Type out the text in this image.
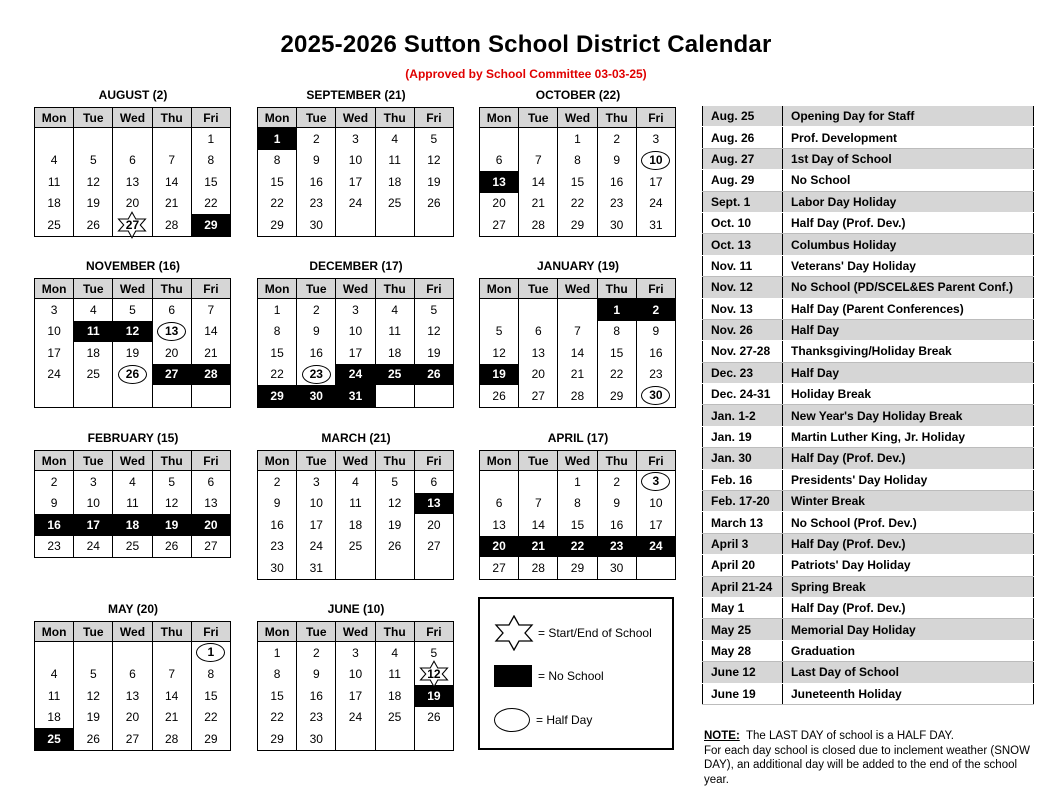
2025-2026 Sutton School District Calendar
(Approved by School Committee 03-03-25)
AUGUST (2)
Mon	Tue	Wed	Thu	Fri
				1
4	5	6	7	8
11	12	13	14	15
18	19	20	21	22
25	26	27	28	29
SEPTEMBER (21)
Mon	Tue	Wed	Thu	Fri
1	2	3	4	5
8	9	10	11	12
15	16	17	18	19
22	23	24	25	26
29	30			
OCTOBER (22)
Mon	Tue	Wed	Thu	Fri
		1	2	3
6	7	8	9	10
13	14	15	16	17
20	21	22	23	24
27	28	29	30	31
NOVEMBER (16)
Mon	Tue	Wed	Thu	Fri
3	4	5	6	7
10	11	12	13	14
17	18	19	20	21
24	25	26	27	28

DECEMBER (17)
Mon	Tue	Wed	Thu	Fri
1	2	3	4	5
8	9	10	11	12
15	16	17	18	19
22	23	24	25	26
29	30	31		
JANUARY (19)
Mon	Tue	Wed	Thu	Fri
			1	2
5	6	7	8	9
12	13	14	15	16
19	20	21	22	23
26	27	28	29	30
FEBRUARY (15)
Mon	Tue	Wed	Thu	Fri
2	3	4	5	6
9	10	11	12	13
16	17	18	19	20
23	24	25	26	27
MARCH (21)
Mon	Tue	Wed	Thu	Fri
2	3	4	5	6
9	10	11	12	13
16	17	18	19	20
23	24	25	26	27
30	31			
APRIL (17)
Mon	Tue	Wed	Thu	Fri
		1	2	3
6	7	8	9	10
13	14	15	16	17
20	21	22	23	24
27	28	29	30	
MAY (20)
Mon	Tue	Wed	Thu	Fri
				1
4	5	6	7	8
11	12	13	14	15
18	19	20	21	22
25	26	27	28	29
JUNE (10)
Mon	Tue	Wed	Thu	Fri
1	2	3	4	5
8	9	10	11	12
15	16	17	18	19
22	23	24	25	26
29	30			
= Start/End of School
= No School
= Half Day
Aug. 25	Opening Day for Staff
Aug. 26	Prof. Development
Aug. 27	1st Day of School
Aug. 29	No School
Sept. 1	Labor Day Holiday
Oct. 10	Half Day (Prof. Dev.)
Oct. 13	Columbus Holiday
Nov. 11	Veterans' Day Holiday
Nov. 12	No School (PD/SCEL&ES Parent Conf.)
Nov. 13	Half Day (Parent Conferences)
Nov. 26	Half Day
Nov. 27-28	Thanksgiving/Holiday Break
Dec. 23	Half Day
Dec. 24-31	Holiday Break
Jan. 1-2	New Year's Day Holiday Break
Jan. 19	Martin Luther King, Jr. Holiday
Jan. 30	Half Day (Prof. Dev.)
Feb. 16	Presidents' Day Holiday
Feb. 17-20	Winter Break
March 13	No School (Prof. Dev.)
April 3	Half Day (Prof. Dev.)
April 20	Patriots' Day Holiday
April 21-24	Spring Break
May 1	Half Day (Prof. Dev.)
May 25	Memorial Day Holiday
May 28	Graduation
June 12	Last Day of School
June 19	Juneteenth Holiday
NOTE: The LAST DAY of school is a HALF DAY.
For each day school is closed due to inclement weather (SNOW DAY), an additional day will be added to the end of the school year.
